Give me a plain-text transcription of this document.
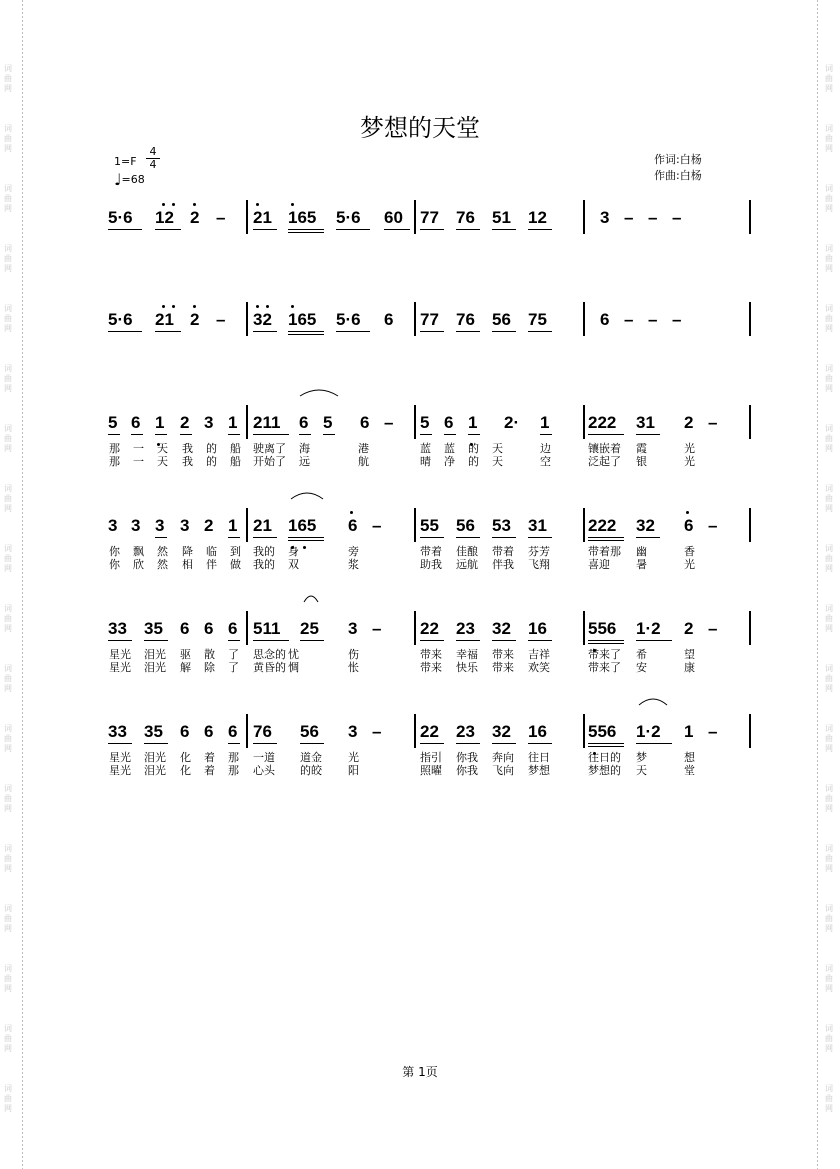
词
曲
网
词
曲
网
词
曲
网
词
曲
网
词
曲
网
词
曲
网
词
曲
网
词
曲
网
词
曲
网
词
曲
网
词
曲
网
词
曲
网
词
曲
网
词
曲
网
词
曲
网
词
曲
网
词
曲
网
词
曲
网
词
曲
网
词
曲
网
词
曲
网
词
曲
网
词
曲
网
词
曲
网
词
曲
网
词
曲
网
词
曲
网
词
曲
网
词
曲
网
词
曲
网
词
曲
网
词
曲
网
词
曲
网
词
曲
网
词
曲
网
词
曲
网
梦想的天堂
1=F
4
4
♩=68
作词:白杨
作曲:白杨
5·6	12 2 – 21 165	5·6	60	77 76 51 12	3 – – –
5·6	21 2 – 32 165	5·6	6 77 76 56 75	6 – – –
5 6 1 2 3 1 211	6 5 6 – 5 6 1 2· 1 222	31 2 –
那 一 天 我 的 船 驶离了 海	港	蓝 蓝 的 天	边	镶嵌着 霞	光
那 一 天 我 的 船 开始了 远	航	晴 净 的 天	空	泛起了 银	光
3 3 3 3 2 1 21 165	6 – 55 56 53 31 222	32 6 –
你 飘 然 降 临 到 我的 身	旁	带着 佳酿 带着 芬芳	带着那 幽	香
你 欣 然 相 伴 做 我的 双	浆	助我 远航 伴我 飞翔	喜迎 暑	光
33 35 6 6 6 511	25 3 – 22 23 32 16 556	1·2	2 –
星光 泪光 驱 散 了 思念的 忧	伤	带来 幸福 带来 吉祥	带来了 希	望
星光 泪光 解 除 了 黄昏的 惆	怅	带来 快乐 带来 欢笑	带来了 安	康
33 35 6 6 6 76 56 3 – 22 23 32 16 556	1·2	1 –
星光 泪光 化 着 那 一道 道金 光	指引 你我 奔向 往日	往日的 梦	想
星光 泪光 化 着 那 心头 的皎 阳	照曜 你我 飞向 梦想	梦想的 天	堂
第 1页
